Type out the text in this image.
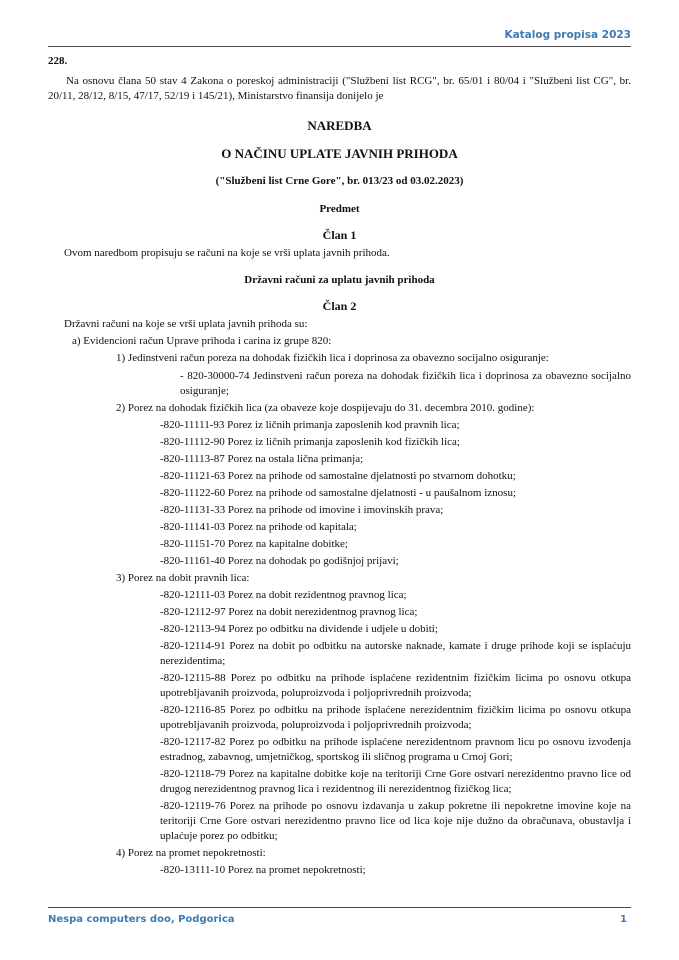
Katalog propisa 2023
228.

Na osnovu člana 50 stav 4 Zakona o poreskoj administraciji ("Službeni list RCG", br. 65/01 i 80/04 i "Službeni list CG", br. 20/11, 28/12, 8/15, 47/17, 52/19 i 145/21), Ministarstvo finansija donijelo je

NAREDBA
O NAČINU UPLATE JAVNIH PRIHODA
("Službeni list Crne Gore", br. 013/23 od 03.02.2023)
Predmet
Član 1

Ovom naredbom propisuju se računi na koje se vrši uplata javnih prihoda.

Državni računi za uplatu javnih prihoda
Član 2

Državni računi na koje se vrši uplata javnih prihoda su:

a) Evidencioni račun Uprave prihoda i carina iz grupe 820:

1) Jedinstveni račun poreza na dohodak fizičkih lica i doprinosa za obavezno socijalno osiguranje:

- 820-30000-74 Jedinstveni račun poreza na dohodak fizičkih lica i doprinosa za obavezno socijalno osiguranje;

2) Porez na dohodak fizičkih lica (za obaveze koje dospijevaju do 31. decembra 2010. godine):

-820-11111-93 Porez iz ličnih primanja zaposlenih kod pravnih lica;

-820-11112-90 Porez iz ličnih primanja zaposlenih kod fizičkih lica;

-820-11113-87 Porez na ostala lična primanja;

-820-11121-63 Porez na prihode od samostalne djelatnosti po stvarnom dohotku;

-820-11122-60 Porez na prihode od samostalne djelatnosti - u paušalnom iznosu;

-820-11131-33 Porez na prihode od imovine i imovinskih prava;

-820-11141-03 Porez na prihode od kapitala;

-820-11151-70 Porez na kapitalne dobitke;

-820-11161-40 Porez na dohodak po godišnjoj prijavi;

3) Porez na dobit pravnih lica:

-820-12111-03 Porez na dobit rezidentnog pravnog lica;

-820-12112-97 Porez na dobit nerezidentnog pravnog lica;

-820-12113-94 Porez po odbitku na dividende i udjele u dobiti;

-820-12114-91 Porez na dobit po odbitku na autorske naknade, kamate i druge prihode koji se isplaćuju nerezidentima;

-820-12115-88 Porez po odbitku na prihode isplaćene rezidentnim fizičkim licima po osnovu otkupa upotrebljavanih proizvoda, poluproizvoda i poljoprivrednih proizvoda;

-820-12116-85 Porez po odbitku na prihode isplaćene nerezidentnim fizičkim licima po osnovu otkupa upotrebljavanih proizvoda, poluproizvoda i poljoprivrednih proizvoda;

-820-12117-82 Porez po odbitku na prihode isplaćene nerezidentnom pravnom licu po osnovu izvođenja estradnog, zabavnog, umjetničkog, sportskog ili sličnog programa u Crnoj Gori;

-820-12118-79 Porez na kapitalne dobitke koje na teritoriji Crne Gore ostvari nerezidentno pravno lice od drugog nerezidentnog pravnog lica i rezidentnog ili nerezidentnog fizičkog lica;

-820-12119-76 Porez na prihode po osnovu izdavanja u zakup pokretne ili nepokretne imovine koje na teritoriji Crne Gore ostvari nerezidentno pravno lice od lica koje nije dužno da obračunava, obustavlja i uplaćuje porez po odbitku;

4) Porez na promet nepokretnosti:

-820-13111-10 Porez na promet nepokretnosti;

Nespa computers doo, Podgorica	1
